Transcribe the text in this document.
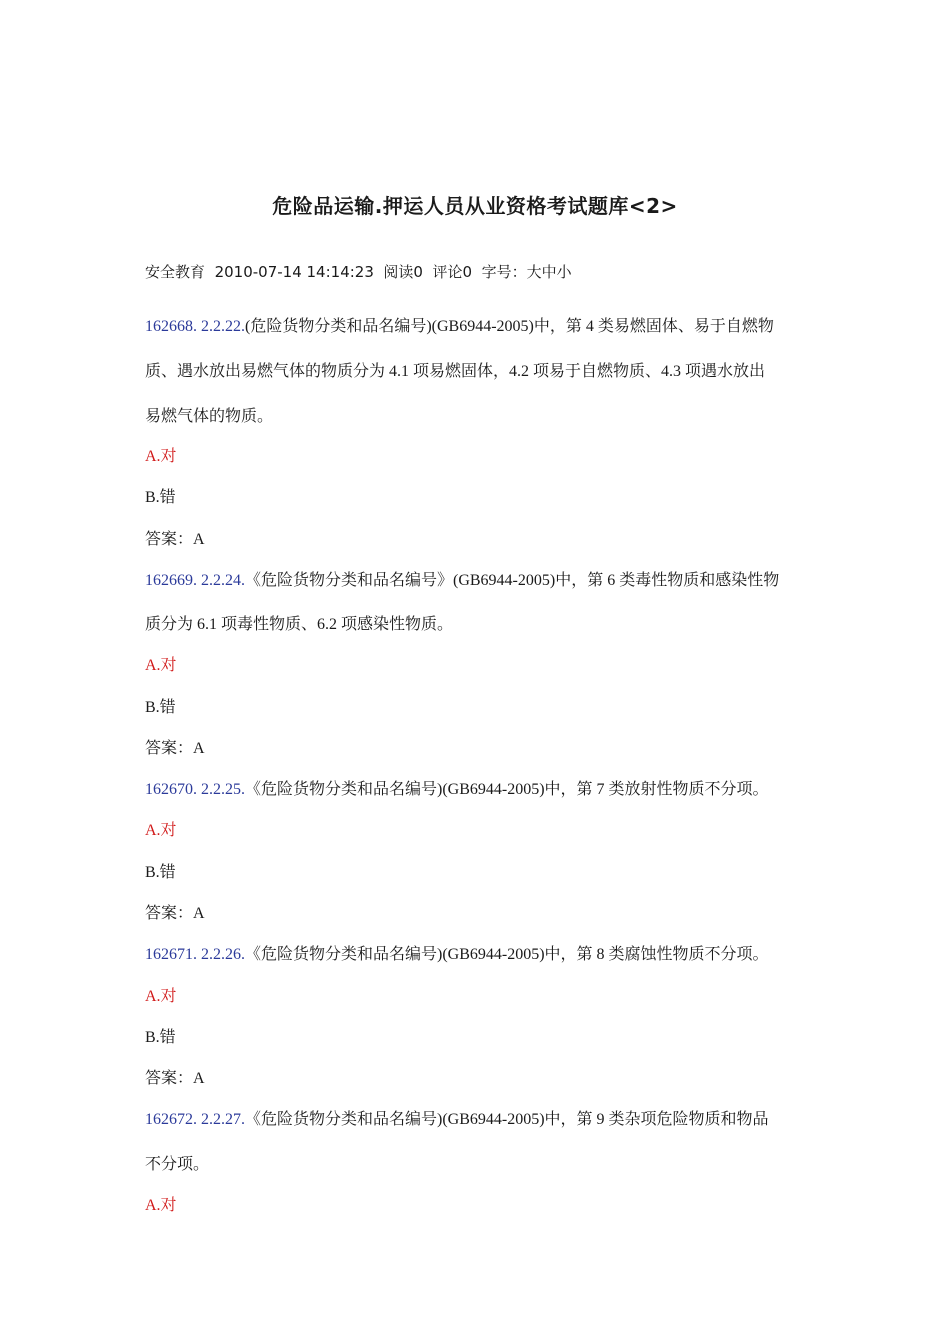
危险品运输.押运人员从业资格考试题库<2>
安全教育 2010-07-14 14:14:23 阅读0 评论0 字号：大中小
162668. 2.2.22.(危险货物分类和品名编号)(GB6944-2005)中，第 4 类易燃固体、易于自燃物
质、遇水放出易燃气体的物质分为 4.1 项易燃固体，4.2 项易于自燃物质、4.3 项遇水放出
易燃气体的物质。
A.对
B.错
答案：A
162669. 2.2.24.《危险货物分类和品名编号》(GB6944-2005)中，第 6 类毒性物质和感染性物
质分为 6.1 项毒性物质、6.2 项感染性物质。
A.对
B.错
答案：A
162670. 2.2.25.《危险货物分类和品名编号)(GB6944-2005)中，第 7 类放射性物质不分项。
A.对
B.错
答案：A
162671. 2.2.26.《危险货物分类和品名编号)(GB6944-2005)中，第 8 类腐蚀性物质不分项。
A.对
B.错
答案：A
162672. 2.2.27.《危险货物分类和品名编号)(GB6944-2005)中，第 9 类杂项危险物质和物品
不分项。
A.对
